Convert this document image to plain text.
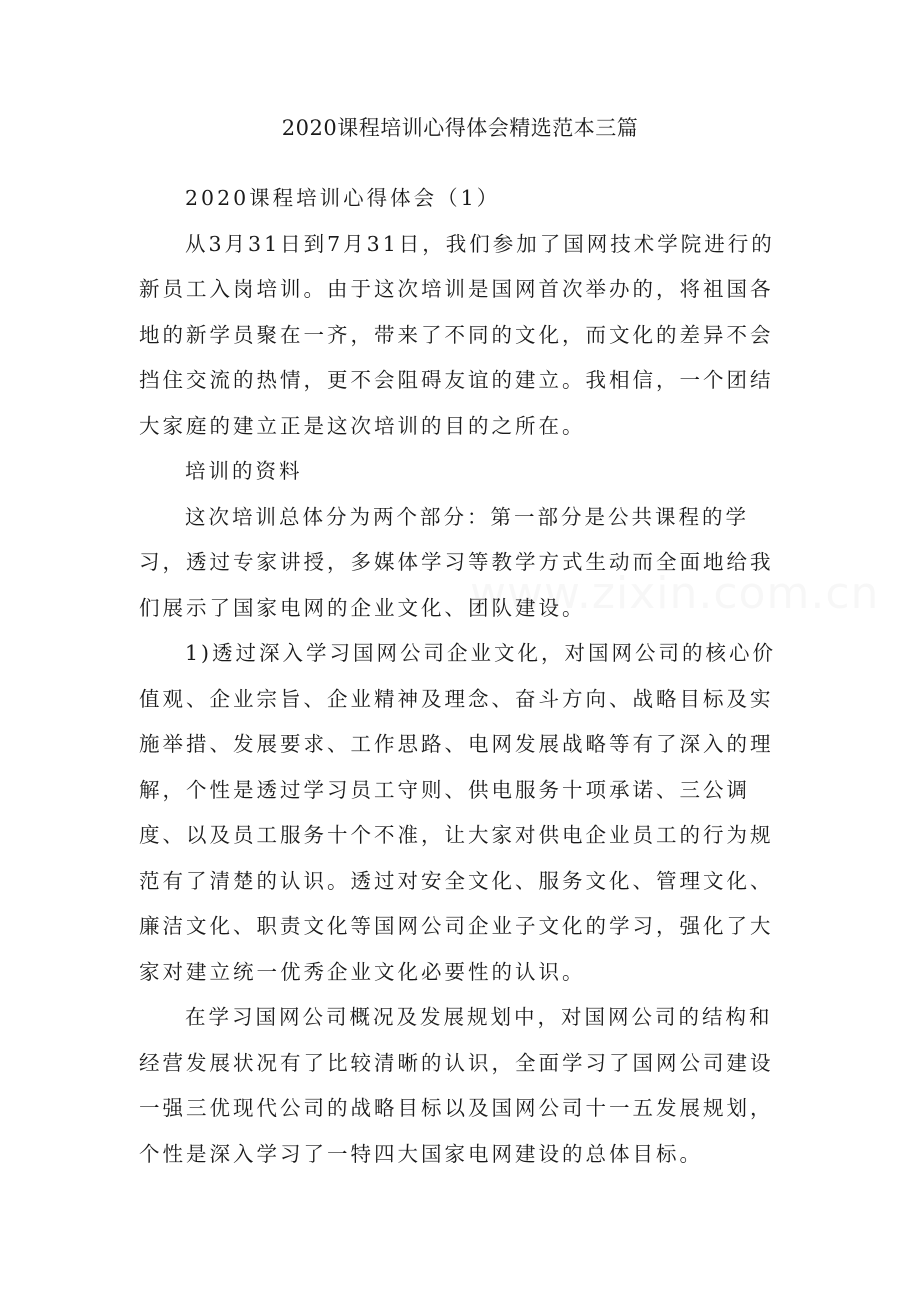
2020课程培训心得体会精选范本三篇

2020课程培训心得体会（1）

从3月31日到7月31日，我们参加了国网技术学院进行的新员工入岗培训。由于这次培训是国网首次举办的，将祖国各地的新学员聚在一齐，带来了不同的文化，而文化的差异不会挡住交流的热情，更不会阻碍友谊的建立。我相信，一个团结大家庭的建立正是这次培训的目的之所在。

培训的资料

这次培训总体分为两个部分：第一部分是公共课程的学习，透过专家讲授，多媒体学习等教学方式生动而全面地给我们展示了国家电网的企业文化、团队建设。

1)透过深入学习国网公司企业文化，对国网公司的核心价值观、企业宗旨、企业精神及理念、奋斗方向、战略目标及实施举措、发展要求、工作思路、电网发展战略等有了深入的理解，个性是透过学习员工守则、供电服务十项承诺、三公调度、以及员工服务十个不准，让大家对供电企业员工的行为规范有了清楚的认识。透过对安全文化、服务文化、管理文化、廉洁文化、职责文化等国网公司企业子文化的学习，强化了大家对建立统一优秀企业文化必要性的认识。

在学习国网公司概况及发展规划中，对国网公司的结构和经营发展状况有了比较清晰的认识，全面学习了国网公司建设一强三优现代公司的战略目标以及国网公司十一五发展规划，个性是深入学习了一特四大国家电网建设的总体目标。

www.zixin.com.cn
